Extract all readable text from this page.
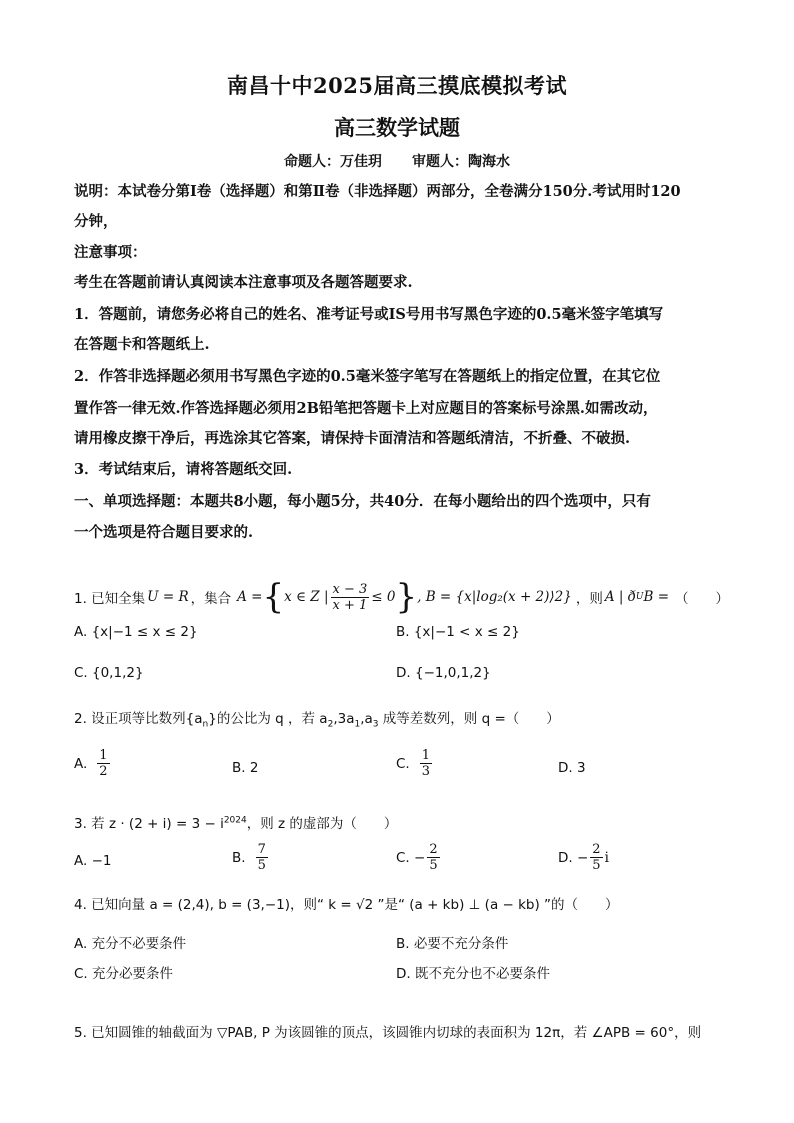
南昌十中2025届高三摸底模拟考试
高三数学试题
命题人：万佳玥 审题人：陶海水
说明：本试卷分第Ⅰ卷（选择题）和第Ⅱ卷（非选择题）两部分，全卷满分150分.考试用时120
分钟，
注意事项：
考生在答题前请认真阅读本注意事项及各题答题要求.
1．答题前，请您务必将自己的姓名、准考证号或IS号用书写黑色字迹的0.5毫米签字笔填写
在答题卡和答题纸上.
2．作答非选择题必须用书写黑色字迹的0.5毫米签字笔写在答题纸上的指定位置，在其它位
置作答一律无效.作答选择题必须用2B铅笔把答题卡上对应题目的答案标号涂黑.如需改动，
请用橡皮擦干净后，再选涂其它答案，请保持卡面清洁和答题纸清洁，不折叠、不破损.
3．考试结束后，请将答题纸交回.
一、单项选择题：本题共8小题，每小题5分，共40分．在每小题给出的四个选项中，只有
一个选项是符合题目要求的.
1. 已知全集 U = R ，集合 A = { x ∈ Z | $\frac{x - 3}{x + 1} \le 0$ } , B = {x|log₂(x + 2)⟩2} ，则 A | ð U B = （　　）
A. {x|−1 ≤ x ≤ 2}	B. {x|−1 < x ≤ 2}
C. {0,1,2}	D. {−1,0,1,2}
2. 设正项等比数列$\{a_n\}$的公比为 q ，若 $a_2,3a_1,a_3$ 成等差数列，则 q =（　　）
A. $\frac{1}{2}$	B. 2	C. $\frac{1}{3}$	D. 3
3. 若 $z \cdot (2 + i) = 3 - i^{2024}$，则 z 的虚部为（　　）
A. −1	B. $\frac{7}{5}$	C. − $\frac{2}{5}$	D. − $\frac{2}{5}$ i
4. 已知向量 a = (2,4), b = (3,−1)，则“ k = √2 ”是“ (a + kb) ⊥ (a − kb) ”的（　　）
A. 充分不必要条件	B. 必要不充分条件
C. 充分必要条件	D. 既不充分也不必要条件
5. 已知圆锥的轴截面为 ▽PAB, P 为该圆锥的顶点，该圆锥内切球的表面积为 12π，若 ∠APB = 60°，则
